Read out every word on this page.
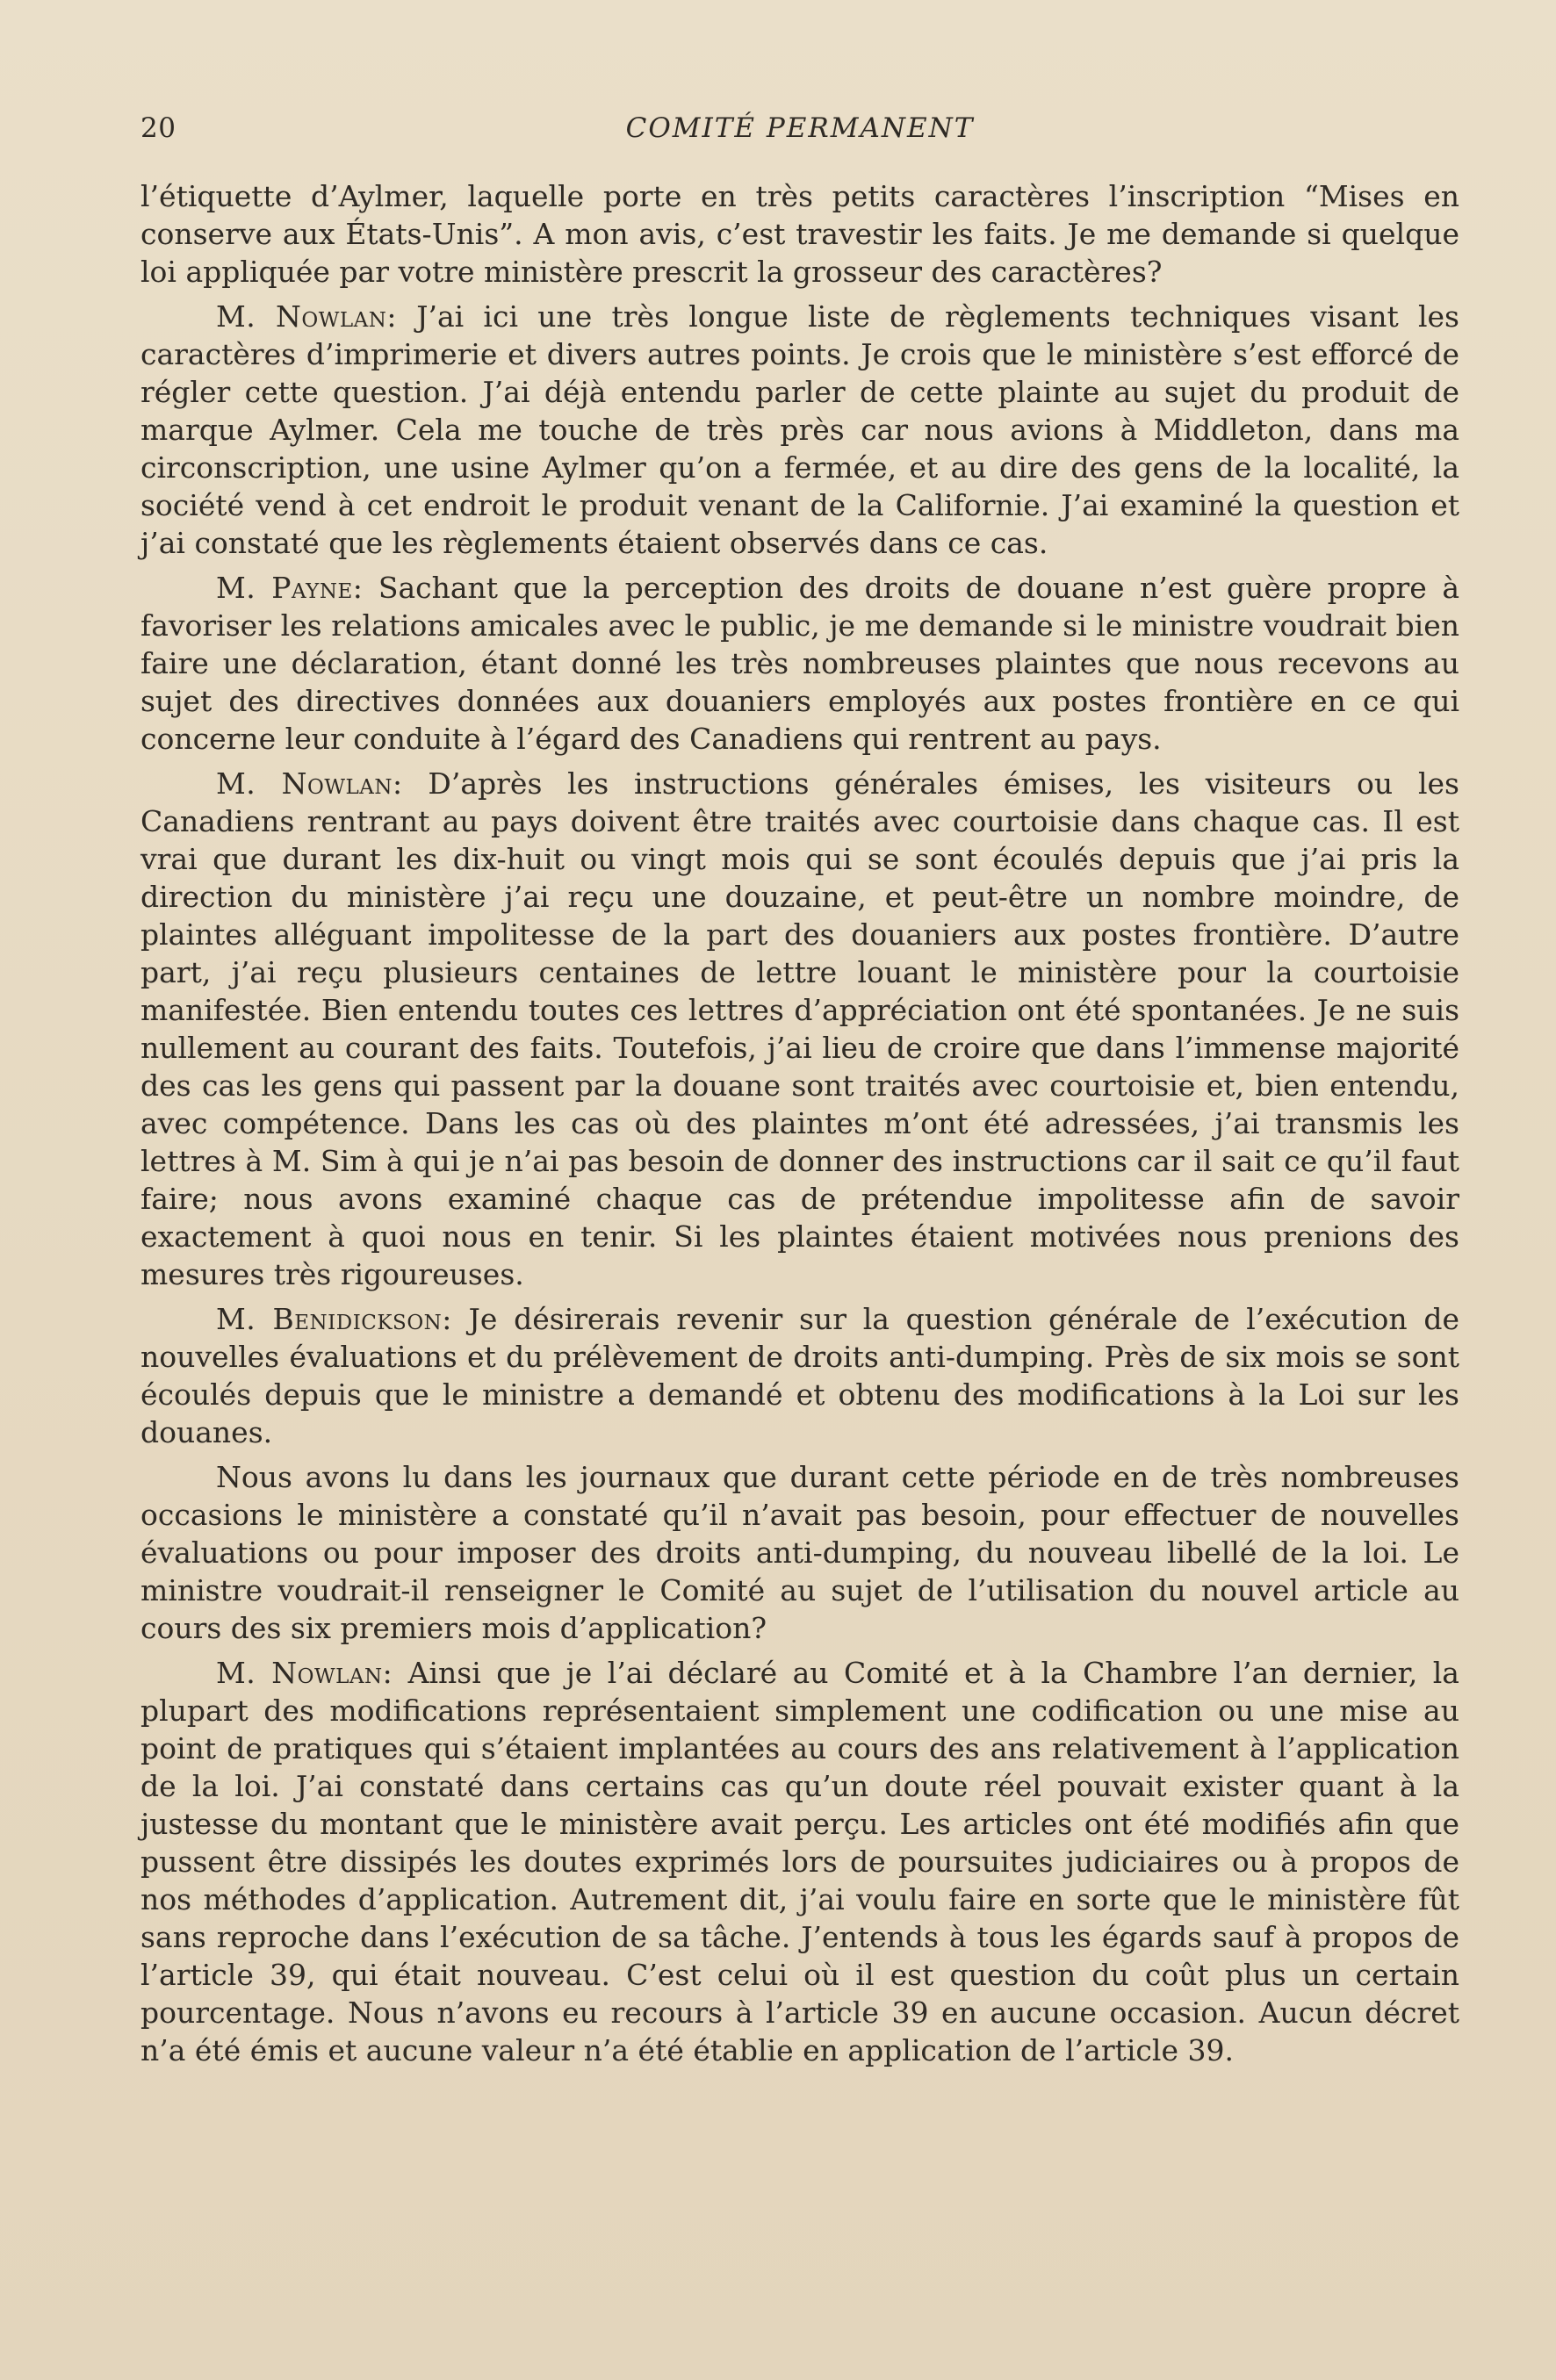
20	COMITÉ PERMANENT

l’étiquette d’Aylmer, laquelle porte en très petits caractères l’inscription “Mises en conserve aux États-Unis”. A mon avis, c’est travestir les faits. Je me demande si quelque loi appliquée par votre ministère prescrit la grosseur des caractères?

M. Nowlan: J’ai ici une très longue liste de règlements techniques visant les caractères d’imprimerie et divers autres points. Je crois que le ministère s’est efforcé de régler cette question. J’ai déjà entendu parler de cette plainte au sujet du produit de marque Aylmer. Cela me touche de très près car nous avions à Middleton, dans ma circonscription, une usine Aylmer qu’on a fermée, et au dire des gens de la localité, la société vend à cet endroit le produit venant de la Californie. J’ai examiné la question et j’ai constaté que les règlements étaient observés dans ce cas.

M. Payne: Sachant que la perception des droits de douane n’est guère propre à favoriser les relations amicales avec le public, je me demande si le ministre voudrait bien faire une déclaration, étant donné les très nombreuses plaintes que nous recevons au sujet des directives données aux douaniers employés aux postes frontière en ce qui concerne leur conduite à l’égard des Canadiens qui rentrent au pays.

M. Nowlan: D’après les instructions générales émises, les visiteurs ou les Canadiens rentrant au pays doivent être traités avec courtoisie dans chaque cas. Il est vrai que durant les dix-huit ou vingt mois qui se sont écoulés depuis que j’ai pris la direction du ministère j’ai reçu une douzaine, et peut-être un nombre moindre, de plaintes alléguant impolitesse de la part des douaniers aux postes frontière. D’autre part, j’ai reçu plusieurs centaines de lettre louant le ministère pour la courtoisie manifestée. Bien entendu toutes ces lettres d’appréciation ont été spontanées. Je ne suis nullement au courant des faits. Toutefois, j’ai lieu de croire que dans l’immense majorité des cas les gens qui passent par la douane sont traités avec courtoisie et, bien entendu, avec compétence. Dans les cas où des plaintes m’ont été adressées, j’ai transmis les lettres à M. Sim à qui je n’ai pas besoin de donner des instructions car il sait ce qu’il faut faire; nous avons examiné chaque cas de prétendue impolitesse afin de savoir exactement à quoi nous en tenir. Si les plaintes étaient motivées nous prenions des mesures très rigoureuses.

M. Benidickson: Je désirerais revenir sur la question générale de l’exécution de nouvelles évaluations et du prélèvement de droits anti-dumping. Près de six mois se sont écoulés depuis que le ministre a demandé et obtenu des modifications à la Loi sur les douanes.

Nous avons lu dans les journaux que durant cette période en de très nombreuses occasions le ministère a constaté qu’il n’avait pas besoin, pour effectuer de nouvelles évaluations ou pour imposer des droits anti-dumping, du nouveau libellé de la loi. Le ministre voudrait-il renseigner le Comité au sujet de l’utilisation du nouvel article au cours des six premiers mois d’application?

M. Nowlan: Ainsi que je l’ai déclaré au Comité et à la Chambre l’an dernier, la plupart des modifications représentaient simplement une codification ou une mise au point de pratiques qui s’étaient implantées au cours des ans relativement à l’application de la loi. J’ai constaté dans certains cas qu’un doute réel pouvait exister quant à la justesse du montant que le ministère avait perçu. Les articles ont été modifiés afin que pussent être dissipés les doutes exprimés lors de poursuites judiciaires ou à propos de nos méthodes d’application. Autrement dit, j’ai voulu faire en sorte que le ministère fût sans reproche dans l’exécution de sa tâche. J’entends à tous les égards sauf à propos de l’article 39, qui était nouveau. C’est celui où il est question du coût plus un certain pourcentage. Nous n’avons eu recours à l’article 39 en aucune occasion. Aucun décret n’a été émis et aucune valeur n’a été établie en application de l’article 39.
